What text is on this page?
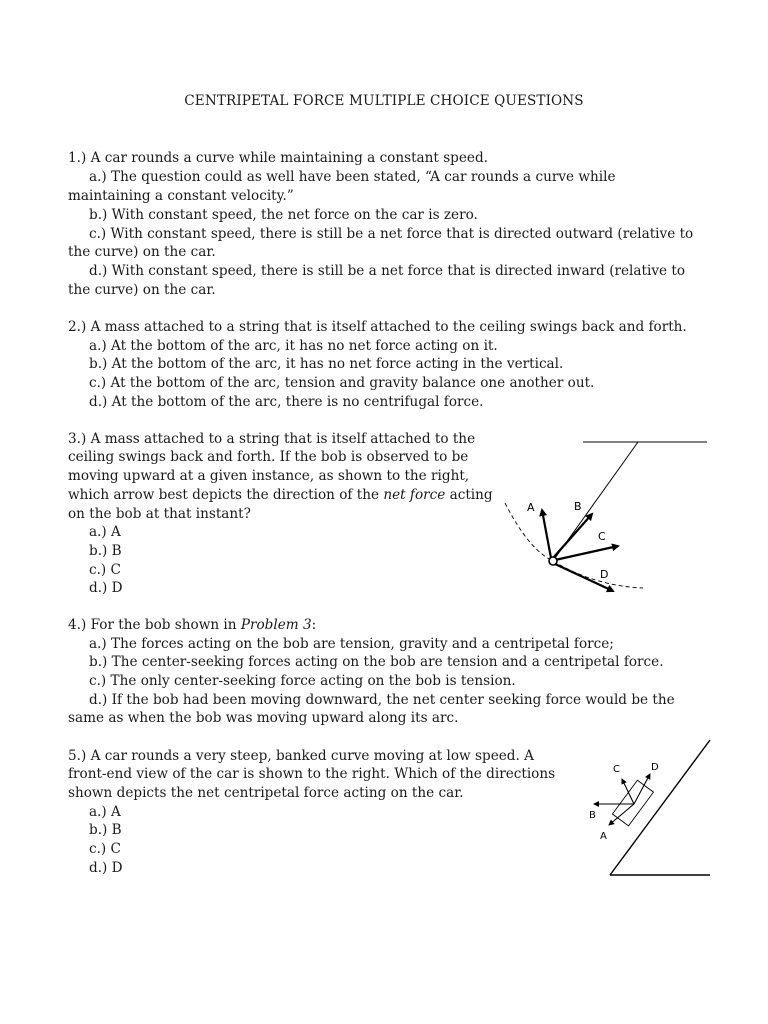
CENTRIPETAL FORCE MULTIPLE CHOICE QUESTIONS
1.) A car rounds a curve while maintaining a constant speed.
a.) The question could as well have been stated, “A car rounds a curve while
maintaining a constant velocity.”
b.) With constant speed, the net force on the car is zero.
c.) With constant speed, there is still be a net force that is directed outward (relative to
the curve) on the car.
d.) With constant speed, there is still be a net force that is directed inward (relative to
the curve) on the car.
2.) A mass attached to a string that is itself attached to the ceiling swings back and forth.
a.) At the bottom of the arc, it has no net force acting on it.
b.) At the bottom of the arc, it has no net force acting in the vertical.
c.) At the bottom of the arc, tension and gravity balance one another out.
d.) At the bottom of the arc, there is no centrifugal force.
3.) A mass attached to a string that is itself attached to the
ceiling swings back and forth. If the bob is observed to be
moving upward at a given instance, as shown to the right,
which arrow best depicts the direction of the net force acting
on the bob at that instant?
a.) A
b.) B
c.) C
d.) D
A	B
C
D
4.) For the bob shown in Problem 3:
a.) The forces acting on the bob are tension, gravity and a centripetal force;
b.) The center-seeking forces acting on the bob are tension and a centripetal force.
c.) The only center-seeking force acting on the bob is tension.
d.) If the bob had been moving downward, the net center seeking force would be the
same as when the bob was moving upward along its arc.
5.) A car rounds a very steep, banked curve moving at low speed. A
front-end view of the car is shown to the right. Which of the directions
shown depicts the net centripetal force acting on the car.
a.) A
b.) B
c.) C
d.) D
A
B
C	D
